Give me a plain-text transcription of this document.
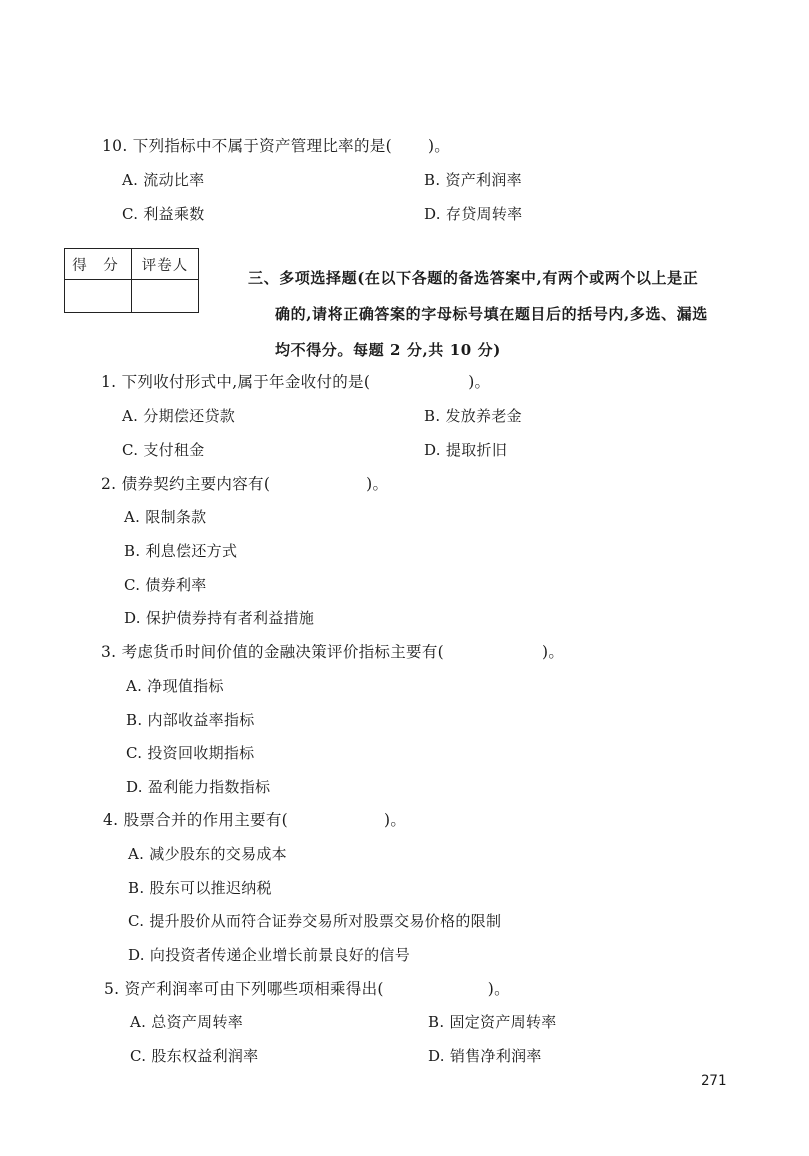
10. 下列指标中不属于资产管理比率的是( )。
A. 流动比率	B. 资产利润率
C. 利益乘数	D. 存贷周转率
得 分	评卷人

三、多项选择题(在以下各题的备选答案中,有两个或两个以上是正
确的,请将正确答案的字母标号填在题目后的括号内,多选、漏选
均不得分。每题 2 分,共 10 分)
1. 下列收付形式中,属于年金收付的是(	)。
A. 分期偿还贷款	B. 发放养老金
C. 支付租金	D. 提取折旧
2. 债券契约主要内容有(	)。
A. 限制条款
B. 利息偿还方式
C. 债券利率
D. 保护债券持有者利益措施
3. 考虑货币时间价值的金融决策评价指标主要有(	)。
A. 净现值指标
B. 内部收益率指标
C. 投资回收期指标
D. 盈利能力指数指标
4. 股票合并的作用主要有(	)。
A. 减少股东的交易成本
B. 股东可以推迟纳税
C. 提升股价从而符合证券交易所对股票交易价格的限制
D. 向投资者传递企业增长前景良好的信号
5. 资产利润率可由下列哪些项相乘得出(	)。
A. 总资产周转率	B. 固定资产周转率
C. 股东权益利润率	D. 销售净利润率
271
